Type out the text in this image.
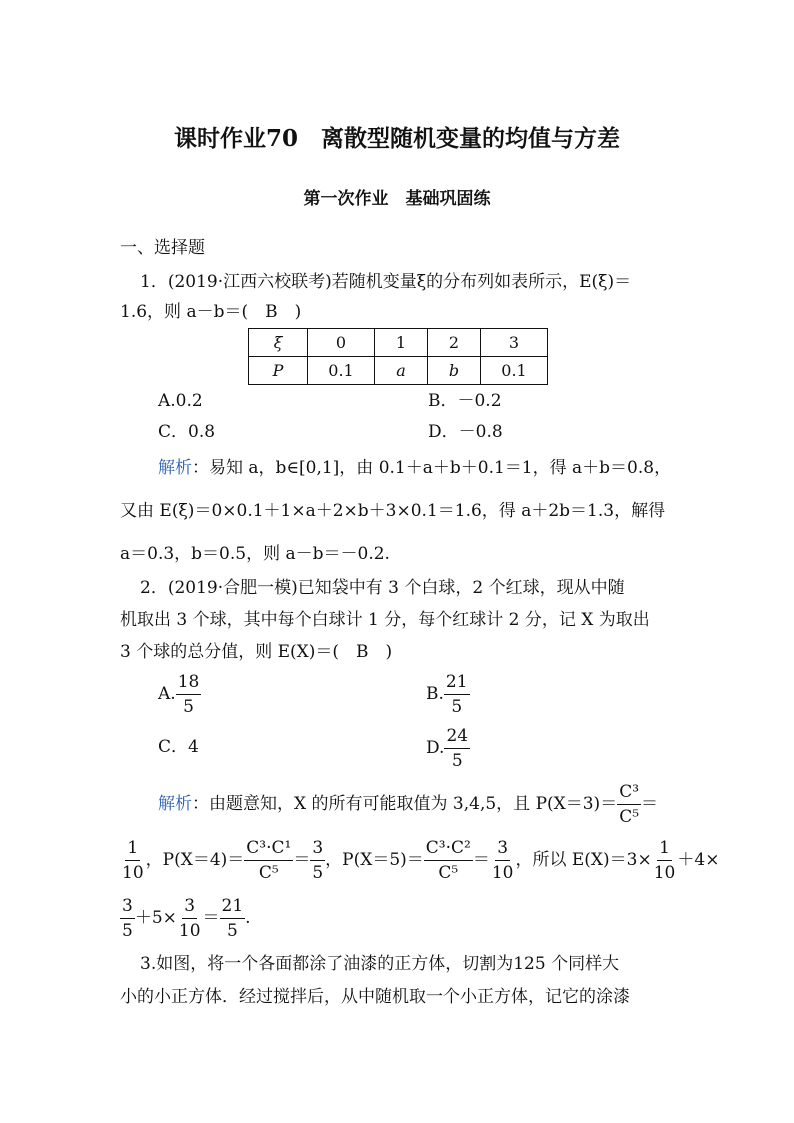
课时作业70　离散型随机变量的均值与方差
第一次作业　基础巩固练
一、选择题
1．(2019·江西六校联考)若随机变量ξ的分布列如表所示，E(ξ)＝
1.6，则 a－b＝(　B　)
ξ	0	1	2	3
P	0.1	a	b	0.1
A.0.2	B．－0.2
C．0.8	D．－0.8
解析：易知 a，b∈[0,1]，由 0.1＋a＋b＋0.1＝1，得 a＋b＝0.8，
又由 E(ξ)＝0×0.1＋1×a＋2×b＋3×0.1＝1.6，得 a＋2b＝1.3，解得
a＝0.3，b＝0.5，则 a－b＝－0.2.
2．(2019·合肥一模)已知袋中有 3 个白球，2 个红球，现从中随
机取出 3 个球，其中每个白球计 1 分，每个红球计 2 分，记 X 为取出
3 个球的总分值，则 E(X)＝(　B　)
A. $\frac{18}{5}$	B. $\frac{21}{5}$
C．4	D. $\frac{24}{5}$
解析：由题意知，X 的所有可能取值为 3,4,5，且 $P(X=3)= \frac{\text{C³}}{\text{C⁵}}$ ＝
$\frac{1}{10}$ ，$P(X=4)= \frac{\text{C³·C¹}}{\text{C⁵}} = \frac{3}{5}$ ，$P(X=5)= \frac{\text{C³·C²}}{\text{C⁵}} = \frac{3}{10}$ ，所以 $E(X)=3\times \frac{1}{10} +4\times$
$\frac{3}{5} +5\times \frac{3}{10} = \frac{21}{5}$ .
3.如图，将一个各面都涂了油漆的正方体，切割为125 个同样大
小的小正方体．经过搅拌后，从中随机取一个小正方体，记它的涂漆
